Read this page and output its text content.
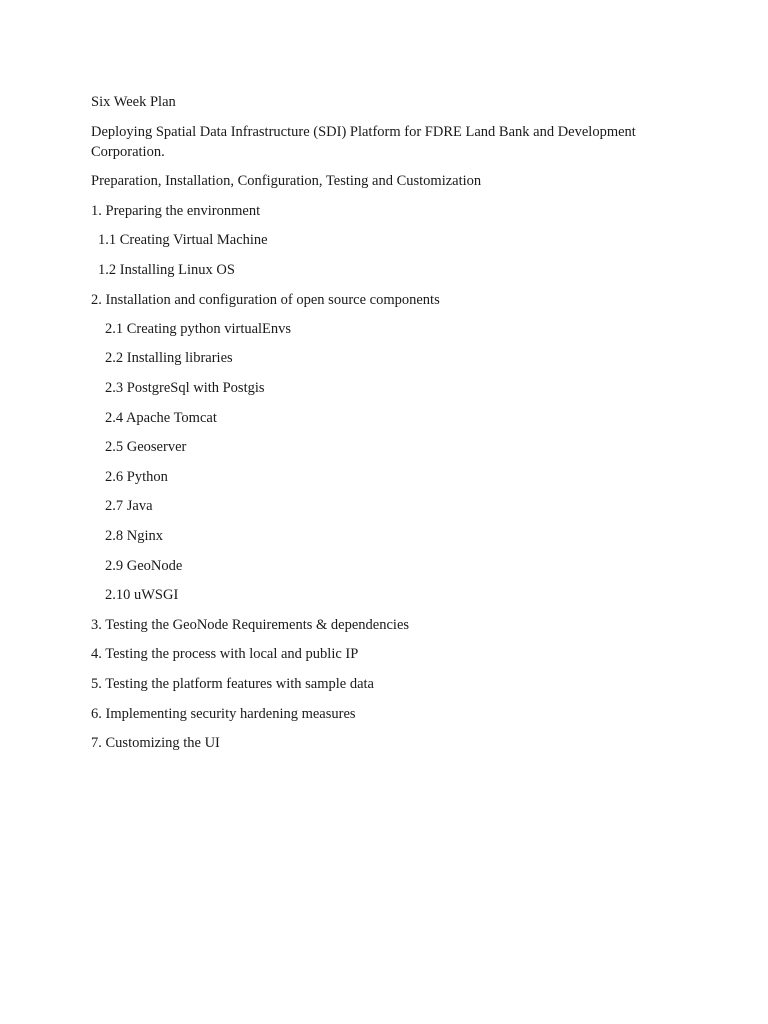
Six Week Plan
Deploying Spatial Data Infrastructure (SDI) Platform for FDRE Land Bank and Development Corporation.
Preparation, Installation, Configuration, Testing and Customization
1. Preparing the environment
1.1 Creating Virtual Machine
1.2 Installing Linux OS
2. Installation and configuration of open source components
2.1 Creating python virtualEnvs
2.2 Installing libraries
2.3 PostgreSql with Postgis
2.4 Apache Tomcat
2.5 Geoserver
2.6 Python
2.7 Java
2.8 Nginx
2.9 GeoNode
2.10 uWSGI
3. Testing the GeoNode Requirements & dependencies
4. Testing the process with local and public IP
5. Testing the platform features with sample data
6. Implementing security hardening measures
7. Customizing the UI
